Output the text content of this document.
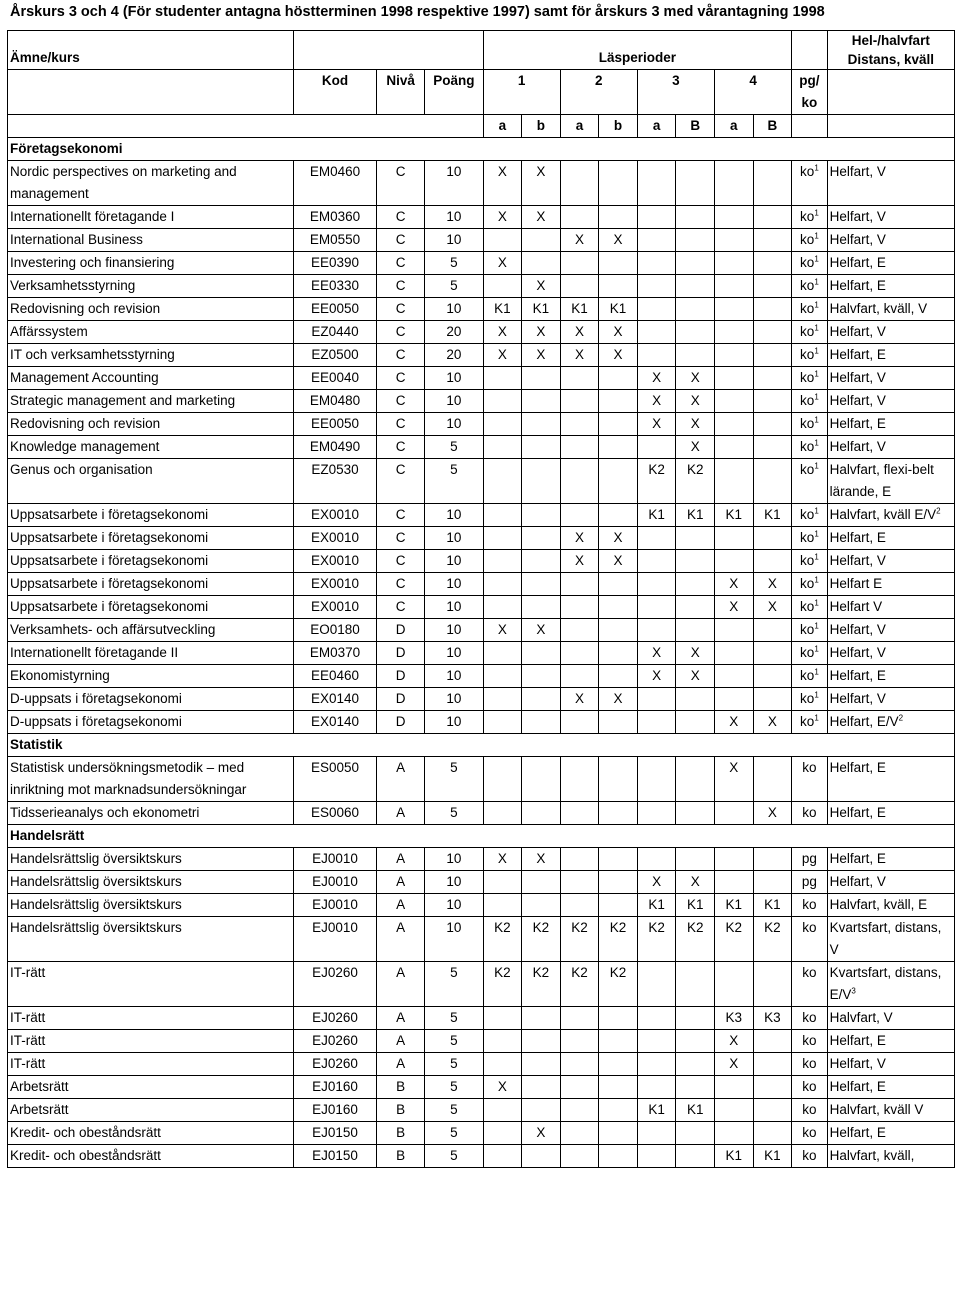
Årskurs 3 och 4 (För studenter antagna höstterminen 1998 respektive 1997) samt för årskurs 3 med vårantagning 1998
Ämne/kurs				Läsperioder									Hel-/halvfart
Distans, kväll

	Kod	Nivå	Poäng	1		2		3		4		pg/
ko	
				a	b	a	b	a	B	a	B		
Företagsekonomi													
Nordic perspectives on marketing and management	EM0460	C	10	X	X							$ko^1$	Helfart, V
Internationellt företagande I	EM0360	C	10	X	X							$ko^1$	Helfart, V
International Business	EM0550	C	10			X	X					$ko^1$	Helfart, V
Investering och finansiering	EE0390	C	5	X								$ko^1$	Helfart, E
Verksamhetsstyrning	EE0330	C	5		X							$ko^1$	Helfart, E
Redovisning och revision	EE0050	C	10	K1	K1	K1	K1					$ko^1$	Halvfart, kväll, V
Affärssystem	EZ0440	C	20	X	X	X	X					$ko^1$	Helfart, V
IT och verksamhetsstyrning	EZ0500	C	20	X	X	X	X					$ko^1$	Helfart, E
Management Accounting	EE0040	C	10					X	X			$ko^1$	Helfart, V
Strategic management and marketing	EM0480	C	10					X	X			$ko^1$	Helfart, V
Redovisning och revision	EE0050	C	10					X	X			$ko^1$	Helfart, E
Knowledge management	EM0490	C	5						X			$ko^1$	Helfart, V
Genus och organisation	EZ0530	C	5					K2	K2			$ko^1$	Halvfart, flexi-belt lärande, E
Uppsatsarbete i företagsekonomi	EX0010	C	10					K1	K1	K1	K1	$ko^1$	Halvfart, kväll $E/V^2$
Uppsatsarbete i företagsekonomi	EX0010	C	10			X	X					$ko^1$	Helfart, E
Uppsatsarbete i företagsekonomi	EX0010	C	10			X	X					$ko^1$	Helfart, V
Uppsatsarbete i företagsekonomi	EX0010	C	10							X	X	$ko^1$	Helfart E
Uppsatsarbete i företagsekonomi	EX0010	C	10							X	X	$ko^1$	Helfart V
Verksamhets- och affärsutveckling	EO0180	D	10	X	X							$ko^1$	Helfart, V
Internationellt företagande II	EM0370	D	10					X	X			$ko^1$	Helfart, V
Ekonomistyrning	EE0460	D	10					X	X			$ko^1$	Helfart, E
D-uppsats i företagsekonomi	EX0140	D	10			X	X					$ko^1$	Helfart, V
D-uppsats i företagsekonomi	EX0140	D	10							X	X	$ko^1$	Helfart, $E/V^2$
Statistik													
Statistisk undersökningsmetodik – med inriktning mot marknadsundersökningar	ES0050	A	5							X		ko	Helfart, E
Tidsserieanalys och ekonometri	ES0060	A	5								X	ko	Helfart, E
Handelsrätt													
Handelsrättslig översiktskurs	EJ0010	A	10	X	X							pg	Helfart, E
Handelsrättslig översiktskurs	EJ0010	A	10					X	X			pg	Helfart, V
Handelsrättslig översiktskurs	EJ0010	A	10					K1	K1	K1	K1	ko	Halvfart, kväll, E
Handelsrättslig översiktskurs	EJ0010	A	10	K2	K2	K2	K2	K2	K2	K2	K2	ko	Kvartsfart, distans, V
IT-rätt	EJ0260	A	5	K2	K2	K2	K2					ko	Kvartsfart, distans, $E/V^3$
IT-rätt	EJ0260	A	5							K3	K3	ko	Halvfart, V
IT-rätt	EJ0260	A	5							X		ko	Helfart, E
IT-rätt	EJ0260	A	5							X		ko	Helfart, V
Arbetsrätt	EJ0160	B	5	X								ko	Helfart, E
Arbetsrätt	EJ0160	B	5					K1	K1			ko	Halvfart, kväll V
Kredit- och obeståndsrätt	EJ0150	B	5		X							ko	Helfart, E
Kredit- och obeståndsrätt	EJ0150	B	5							K1	K1	ko	Halvfart, kväll,
